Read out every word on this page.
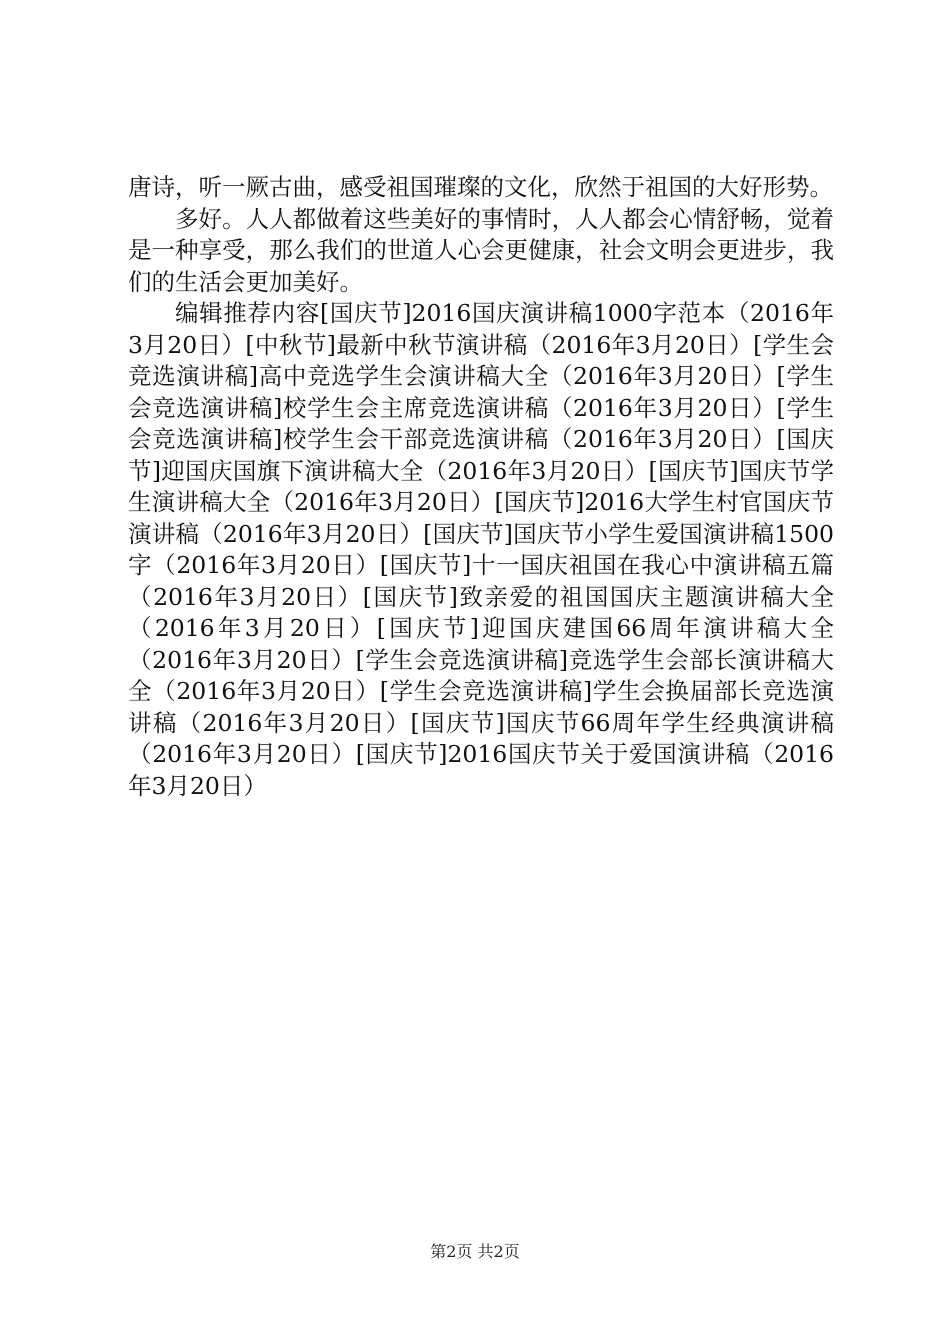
唐诗，听一厥古曲，感受祖国璀璨的文化，欣然于祖国的大好形势。

多好。人人都做着这些美好的事情时，人人都会心情舒畅，觉着是一种享受，那么我们的世道人心会更健康，社会文明会更进步，我们的生活会更加美好。

编辑推荐内容[国庆节]2016国庆演讲稿1000字范本（2016年3月20日）[中秋节]最新中秋节演讲稿（2016年3月20日）[学生会竞选演讲稿]高中竞选学生会演讲稿大全（2016年3月20日）[学生会竞选演讲稿]校学生会主席竞选演讲稿（2016年3月20日）[学生会竞选演讲稿]校学生会干部竞选演讲稿（2016年3月20日）[国庆节]迎国庆国旗下演讲稿大全（2016年3月20日）[国庆节]国庆节学生演讲稿大全（2016年3月20日）[国庆节]2016大学生村官国庆节演讲稿（2016年3月20日）[国庆节]国庆节小学生爱国演讲稿1500字（2016年3月20日）[国庆节]十一国庆祖国在我心中演讲稿五篇（2016年3月20日）[国庆节]致亲爱的祖国国庆主题演讲稿大全（2016年3月20日）[国庆节]迎国庆建国66周年演讲稿大全（2016年3月20日）[学生会竞选演讲稿]竞选学生会部长演讲稿大全（2016年3月20日）[学生会竞选演讲稿]学生会换届部长竞选演讲稿（2016年3月20日）[国庆节]国庆节66周年学生经典演讲稿（2016年3月20日）[国庆节]2016国庆节关于爱国演讲稿（2016年3月20日）

第2页 共2页
